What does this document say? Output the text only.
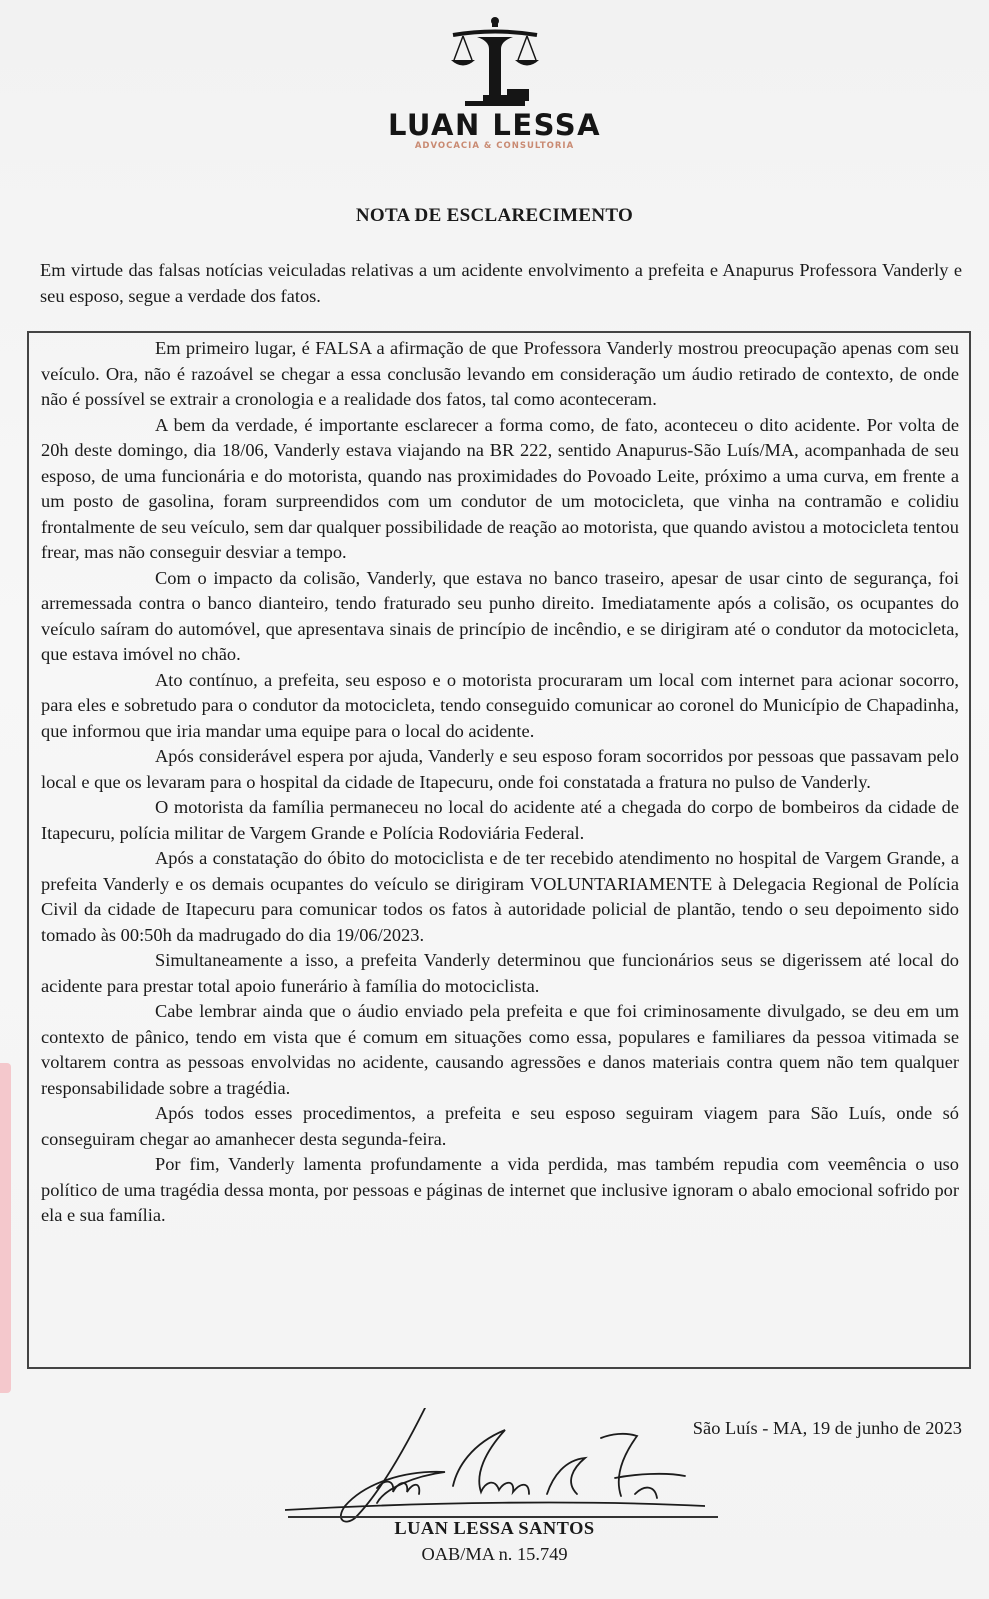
LUAN LESSA
ADVOCACIA & CONSULTORIA
NOTA DE ESCLARECIMENTO
Em virtude das falsas notícias veiculadas relativas a um acidente envolvimento a prefeita e Anapurus Professora Vanderly e seu esposo, segue a verdade dos fatos.

Em primeiro lugar, é FALSA a afirmação de que Professora Vanderly mostrou preocupação apenas com seu veículo. Ora, não é razoável se chegar a essa conclusão levando em consideração um áudio retirado de contexto, de onde não é possível se extrair a cronologia e a realidade dos fatos, tal como aconteceram.

A bem da verdade, é importante esclarecer a forma como, de fato, aconteceu o dito acidente. Por volta de 20h deste domingo, dia 18/06, Vanderly estava viajando na BR 222, sentido Anapurus-São Luís/MA, acompanhada de seu esposo, de uma funcionária e do motorista, quando nas proximidades do Povoado Leite, próximo a uma curva, em frente a um posto de gasolina, foram surpreendidos com um condutor de um motocicleta, que vinha na contramão e colidiu frontalmente de seu veículo, sem dar qualquer possibilidade de reação ao motorista, que quando avistou a motocicleta tentou frear, mas não conseguir desviar a tempo.

Com o impacto da colisão, Vanderly, que estava no banco traseiro, apesar de usar cinto de segurança, foi arremessada contra o banco dianteiro, tendo fraturado seu punho direito. Imediatamente após a colisão, os ocupantes do veículo saíram do automóvel, que apresentava sinais de princípio de incêndio, e se dirigiram até o condutor da motocicleta, que estava imóvel no chão.

Ato contínuo, a prefeita, seu esposo e o motorista procuraram um local com internet para acionar socorro, para eles e sobretudo para o condutor da motocicleta, tendo conseguido comunicar ao coronel do Município de Chapadinha, que informou que iria mandar uma equipe para o local do acidente.

Após considerável espera por ajuda, Vanderly e seu esposo foram socorridos por pessoas que passavam pelo local e que os levaram para o hospital da cidade de Itapecuru, onde foi constatada a fratura no pulso de Vanderly.

O motorista da família permaneceu no local do acidente até a chegada do corpo de bombeiros da cidade de Itapecuru, polícia militar de Vargem Grande e Polícia Rodoviária Federal.

Após a constatação do óbito do motociclista e de ter recebido atendimento no hospital de Vargem Grande, a prefeita Vanderly e os demais ocupantes do veículo se dirigiram VOLUNTARIAMENTE à Delegacia Regional de Polícia Civil da cidade de Itapecuru para comunicar todos os fatos à autoridade policial de plantão, tendo o seu depoimento sido tomado às 00:50h da madrugado do dia 19/06/2023.

Simultaneamente a isso, a prefeita Vanderly determinou que funcionários seus se digerissem até local do acidente para prestar total apoio funerário à família do motociclista.

Cabe lembrar ainda que o áudio enviado pela prefeita e que foi criminosamente divulgado, se deu em um contexto de pânico, tendo em vista que é comum em situações como essa, populares e familiares da pessoa vitimada se voltarem contra as pessoas envolvidas no acidente, causando agressões e danos materiais contra quem não tem qualquer responsabilidade sobre a tragédia.

Após todos esses procedimentos, a prefeita e seu esposo seguiram viagem para São Luís, onde só conseguiram chegar ao amanhecer desta segunda-feira.

Por fim, Vanderly lamenta profundamente a vida perdida, mas também repudia com veemência o uso político de uma tragédia dessa monta, por pessoas e páginas de internet que inclusive ignoram o abalo emocional sofrido por ela e sua família.

São Luís - MA, 19 de junho de 2023
LUAN LESSA SANTOS
OAB/MA n. 15.749
